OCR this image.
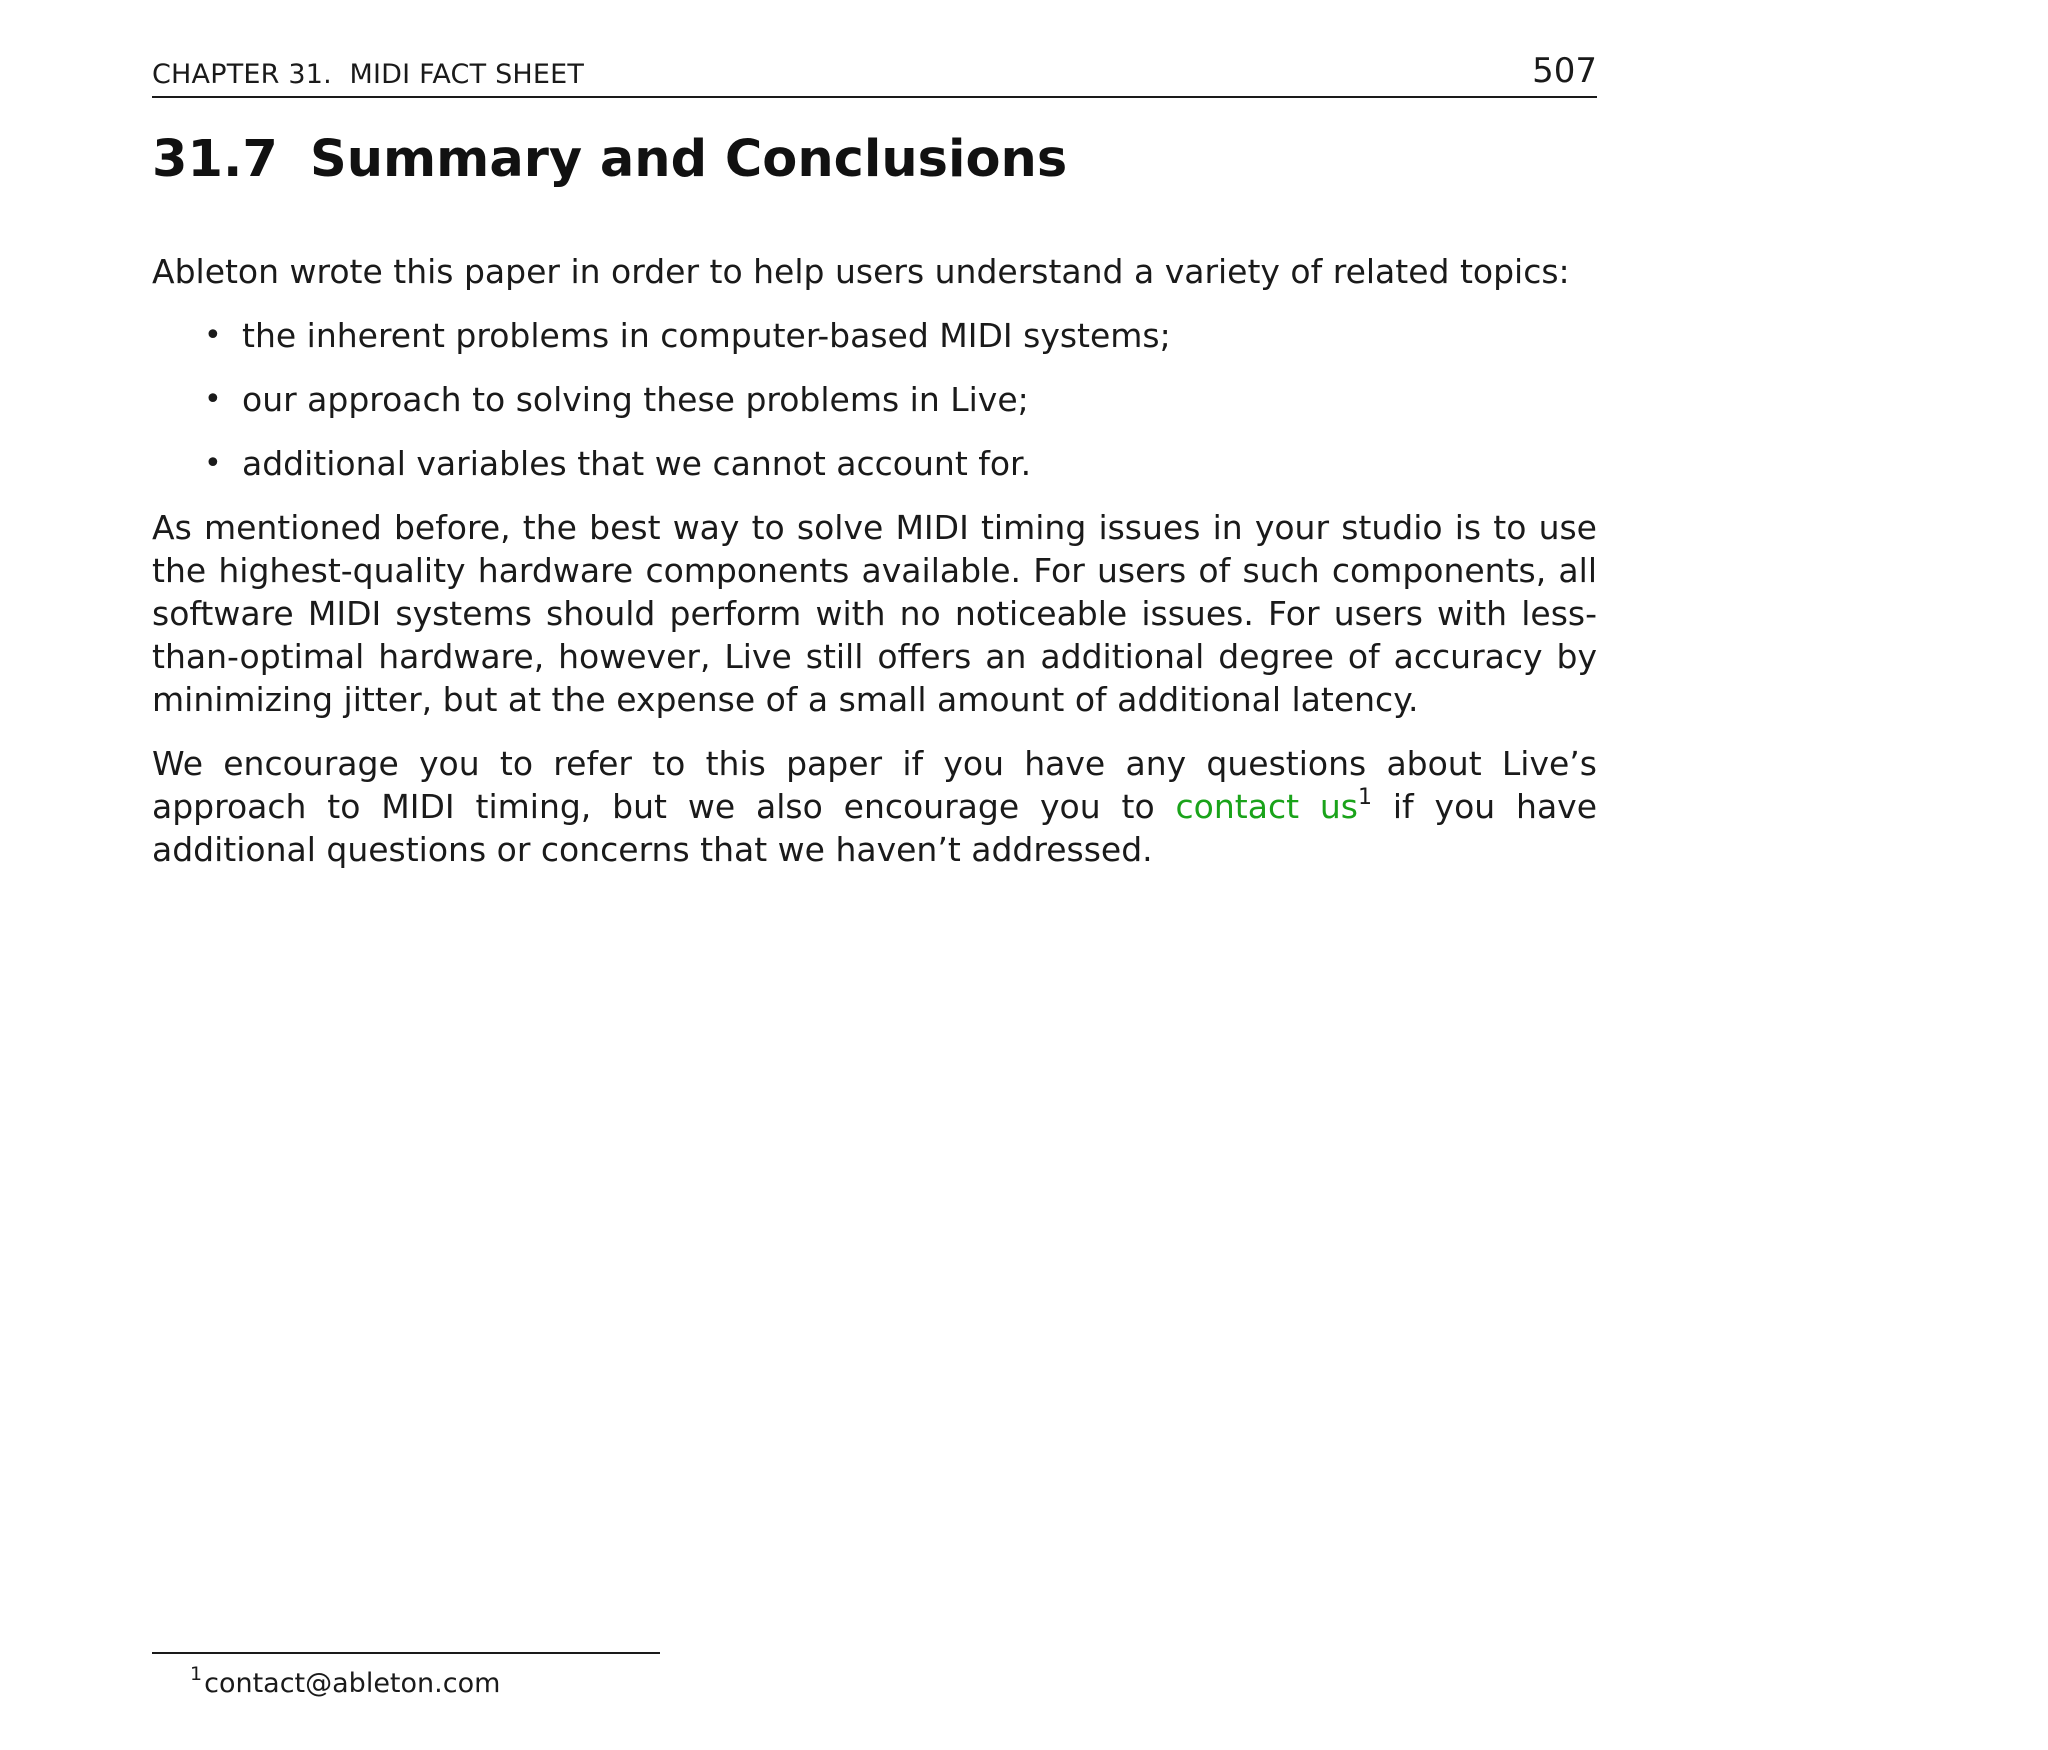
CHAPTER 31.  MIDI FACT SHEET	507
31.7 Summary and Conclusions

Ableton wrote this paper in order to help users understand a variety of related topics:

• the inherent problems in computer-based MIDI systems;
• our approach to solving these problems in Live;
• additional variables that we cannot account for.

As mentioned before, the best way to solve MIDI timing issues in your studio is to use the highest-quality hardware components available. For users of such components, all software MIDI systems should perform with no noticeable issues. For users with less-than-optimal hardware, however, Live still offers an additional degree of accuracy by minimizing jitter, but at the expense of a small amount of additional latency.

We encourage you to refer to this paper if you have any questions about Live’s approach to MIDI timing, but we also encourage you to contact us$^1$ if you have additional questions or concerns that we haven’t addressed.

$^1$contact@ableton.com
